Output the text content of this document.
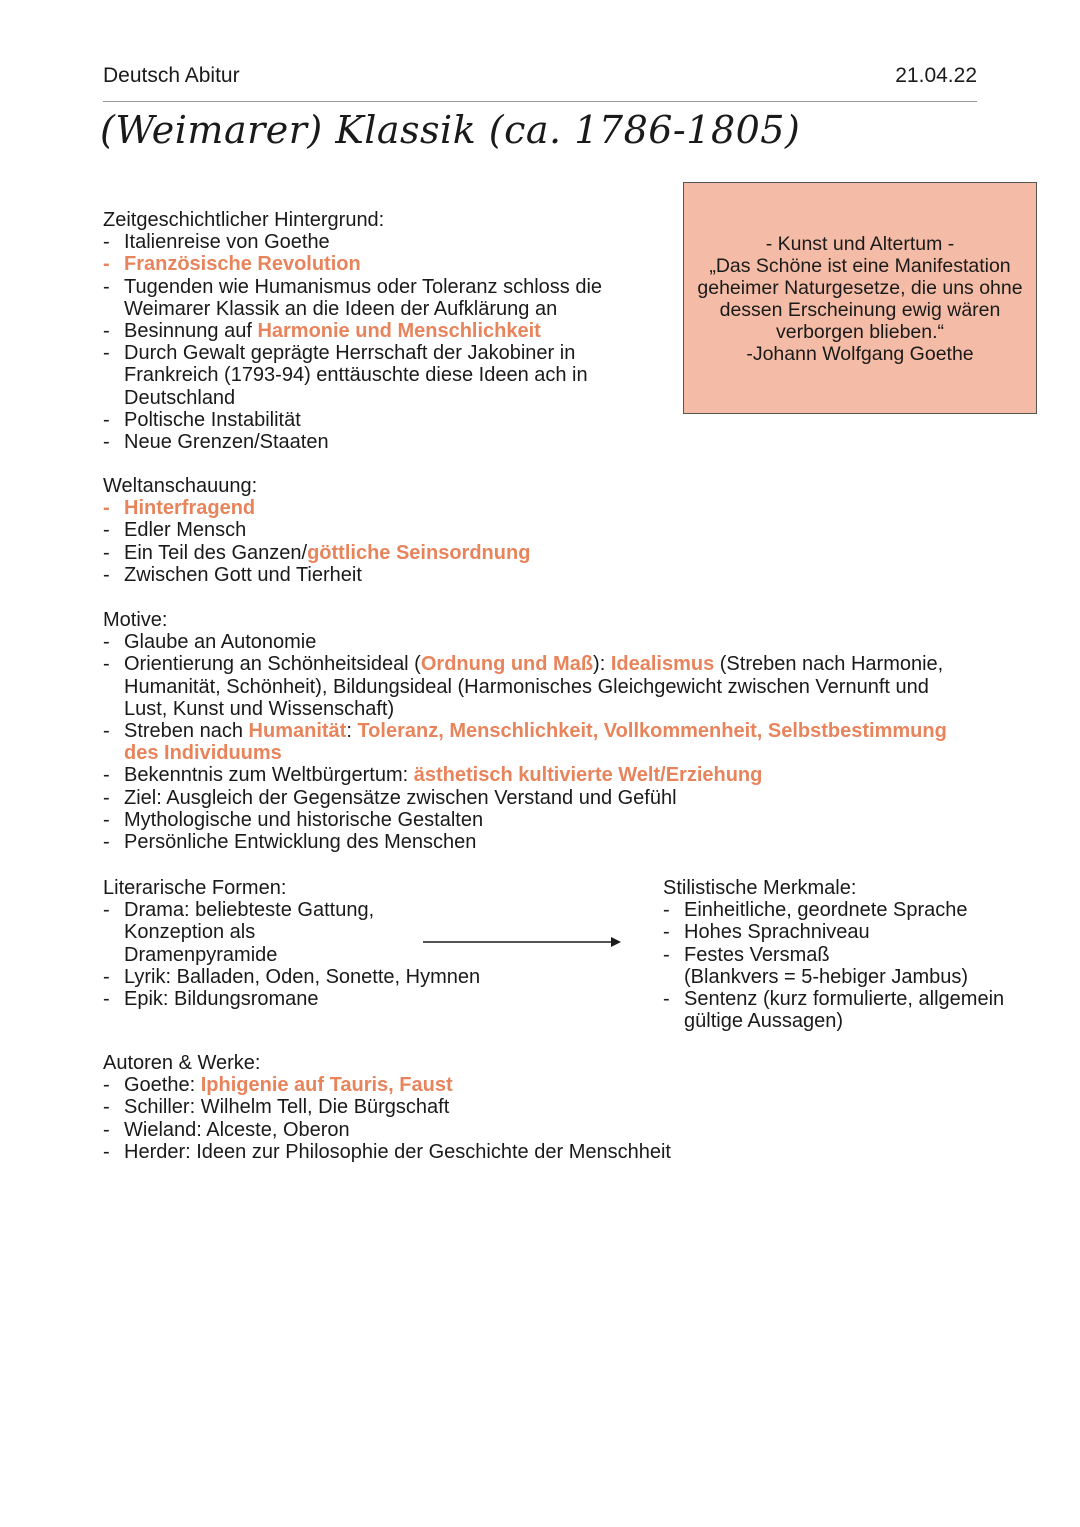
Deutsch Abitur	21.04.22
(Weimarer) Klassik (ca. 1786-1805)
- Kunst und Altertum -
„Das Schöne ist eine Manifestation
geheimer Naturgesetze, die uns ohne
dessen Erscheinung ewig wären
verborgen blieben.“
-Johann Wolfgang Goethe
Zeitgeschichtlicher Hintergrund:
- Italienreise von Goethe
- Französische Revolution
- Tugenden wie Humanismus oder Toleranz schloss die
Weimarer Klassik an die Ideen der Aufklärung an
- Besinnung auf Harmonie und Menschlichkeit
- Durch Gewalt geprägte Herrschaft der Jakobiner in
Frankreich (1793-94) enttäuschte diese Ideen ach in
Deutschland
- Poltische Instabilität
- Neue Grenzen/Staaten
Weltanschauung:
- Hinterfragend
- Edler Mensch
- Ein Teil des Ganzen/göttliche Seinsordnung
- Zwischen Gott und Tierheit
Motive:
- Glaube an Autonomie
- Orientierung an Schönheitsideal (Ordnung und Maß): Idealismus (Streben nach Harmonie,
Humanität, Schönheit), Bildungsideal (Harmonisches Gleichgewicht zwischen Vernunft und
Lust, Kunst und Wissenschaft)
- Streben nach Humanität: Toleranz, Menschlichkeit, Vollkommenheit, Selbstbestimmung
des Individuums
- Bekenntnis zum Weltbürgertum: ästhetisch kultivierte Welt/Erziehung
- Ziel: Ausgleich der Gegensätze zwischen Verstand und Gefühl
- Mythologische und historische Gestalten
- Persönliche Entwicklung des Menschen
Literarische Formen:
- Drama: beliebteste Gattung,
Konzeption als
Dramenpyramide
- Lyrik: Balladen, Oden, Sonette, Hymnen
- Epik: Bildungsromane
Stilistische Merkmale:
- Einheitliche, geordnete Sprache
- Hohes Sprachniveau
- Festes Versmaß
(Blankvers = 5-hebiger Jambus)
- Sentenz (kurz formulierte, allgemein
gültige Aussagen)
Autoren & Werke:
- Goethe: Iphigenie auf Tauris, Faust
- Schiller: Wilhelm Tell, Die Bürgschaft
- Wieland: Alceste, Oberon
- Herder: Ideen zur Philosophie der Geschichte der Menschheit
